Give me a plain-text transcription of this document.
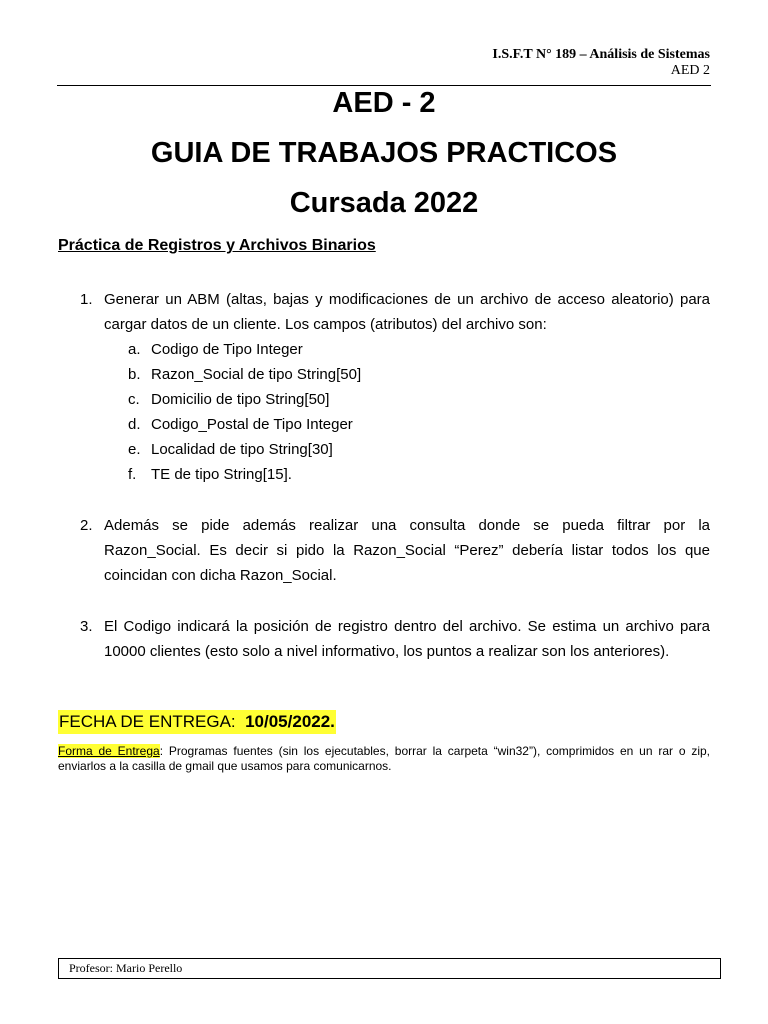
I.S.F.T N° 189 – Análisis de Sistemas
AED 2
AED - 2
GUIA DE TRABAJOS PRACTICOS
Cursada 2022
Práctica de Registros y Archivos Binarios
1. Generar un ABM (altas, bajas y modificaciones de un archivo de acceso aleatorio) para
cargar datos de un cliente. Los campos (atributos) del archivo son:
a. Codigo de Tipo Integer
b. Razon_Social de tipo String[50]
c. Domicilio de tipo String[50]
d. Codigo_Postal de Tipo Integer
e. Localidad de tipo String[30]
f. TE de tipo String[15].
2. Además se pide además realizar una consulta donde se pueda filtrar por la
Razon_Social. Es decir si pido la Razon_Social “Perez” debería listar todos los que
coincidan con dicha Razon_Social.
3. El Codigo indicará la posición de registro dentro del archivo. Se estima un archivo para
10000 clientes (esto solo a nivel informativo, los puntos a realizar son los anteriores).
FECHA DE ENTREGA: 10/05/2022.
Forma de Entrega: Programas fuentes (sin los ejecutables, borrar la carpeta “win32”), comprimidos en un rar o zip, enviarlos a la casilla de gmail que usamos para comunicarnos.
Profesor: Mario Perello
